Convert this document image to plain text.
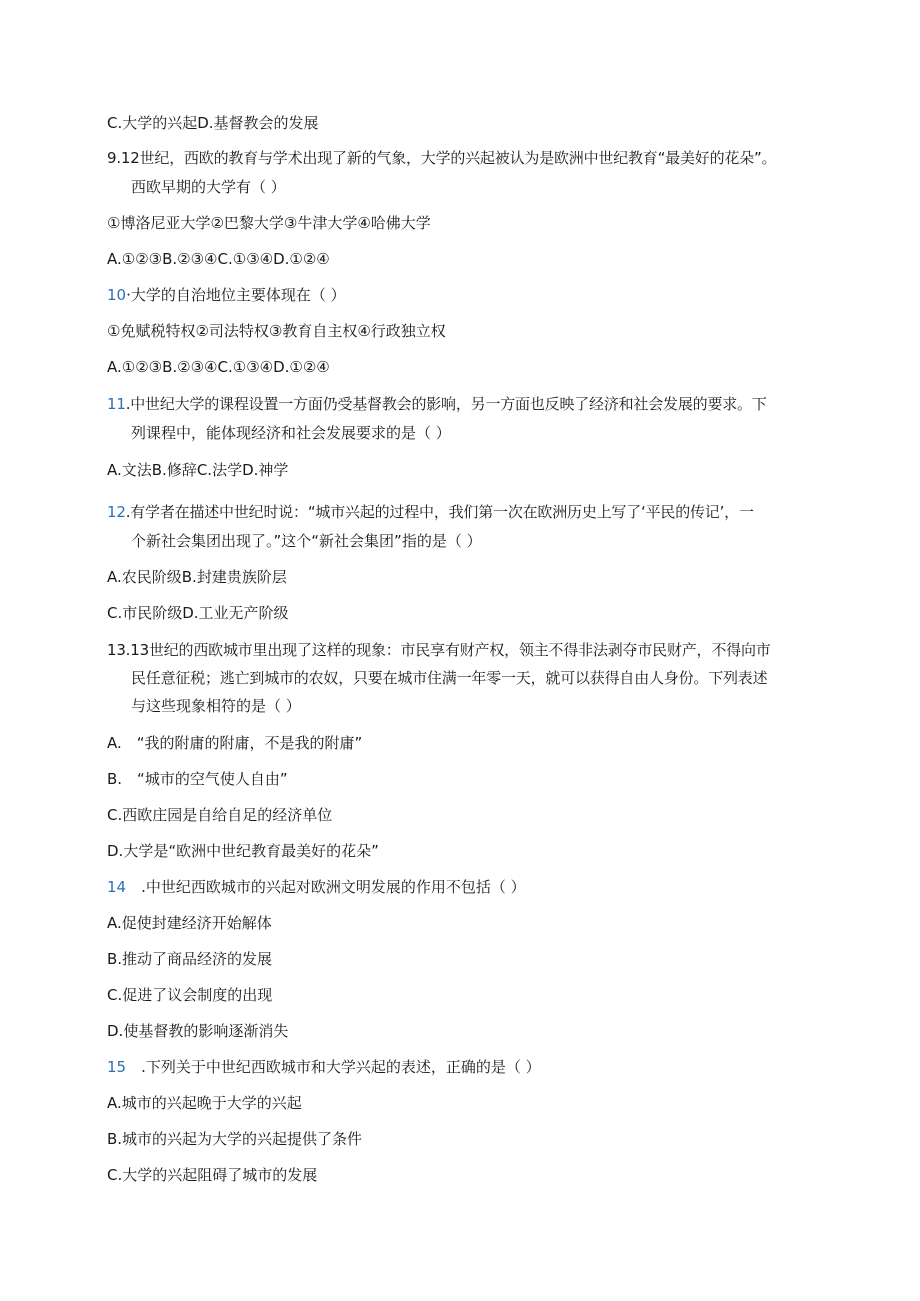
C.大学的兴起D.基督教会的发展
9.12世纪，西欧的教育与学术出现了新的气象，大学的兴起被认为是欧洲中世纪教育“最美好的花朵”。
西欧早期的大学有（ ）
①博洛尼亚大学②巴黎大学③牛津大学④哈佛大学
A.①②③B.②③④C.①③④D.①②④
10·大学的自治地位主要体现在（ ）
①免赋税特权②司法特权③教育自主权④行政独立权
A.①②③B.②③④C.①③④D.①②④
11.中世纪大学的课程设置一方面仍受基督教会的影响，另一方面也反映了经济和社会发展的要求。下
列课程中，能体现经济和社会发展要求的是（ ）
A.文法B.修辞C.法学D.神学
12.有学者在描述中世纪时说：“城市兴起的过程中，我们第一次在欧洲历史上写了‘平民的传记’，一
个新社会集团出现了。”这个“新社会集团”指的是（ ）
A.农民阶级B.封建贵族阶层
C.市民阶级D.工业无产阶级
13.13世纪的西欧城市里出现了这样的现象：市民享有财产权，领主不得非法剥夺市民财产，不得向市
民任意征税；逃亡到城市的农奴，只要在城市住满一年零一天，就可以获得自由人身份。下列表述
与这些现象相符的是（ ）
A.　“我的附庸的附庸，不是我的附庸”
B.　“城市的空气使人自由”
C.西欧庄园是自给自足的经济单位
D.大学是“欧洲中世纪教育最美好的花朵”
14　.中世纪西欧城市的兴起对欧洲文明发展的作用不包括（ ）
A.促使封建经济开始解体
B.推动了商品经济的发展
C.促进了议会制度的出现
D.使基督教的影响逐渐消失
15　.下列关于中世纪西欧城市和大学兴起的表述，正确的是（ ）
A.城市的兴起晚于大学的兴起
B.城市的兴起为大学的兴起提供了条件
C.大学的兴起阻碍了城市的发展
